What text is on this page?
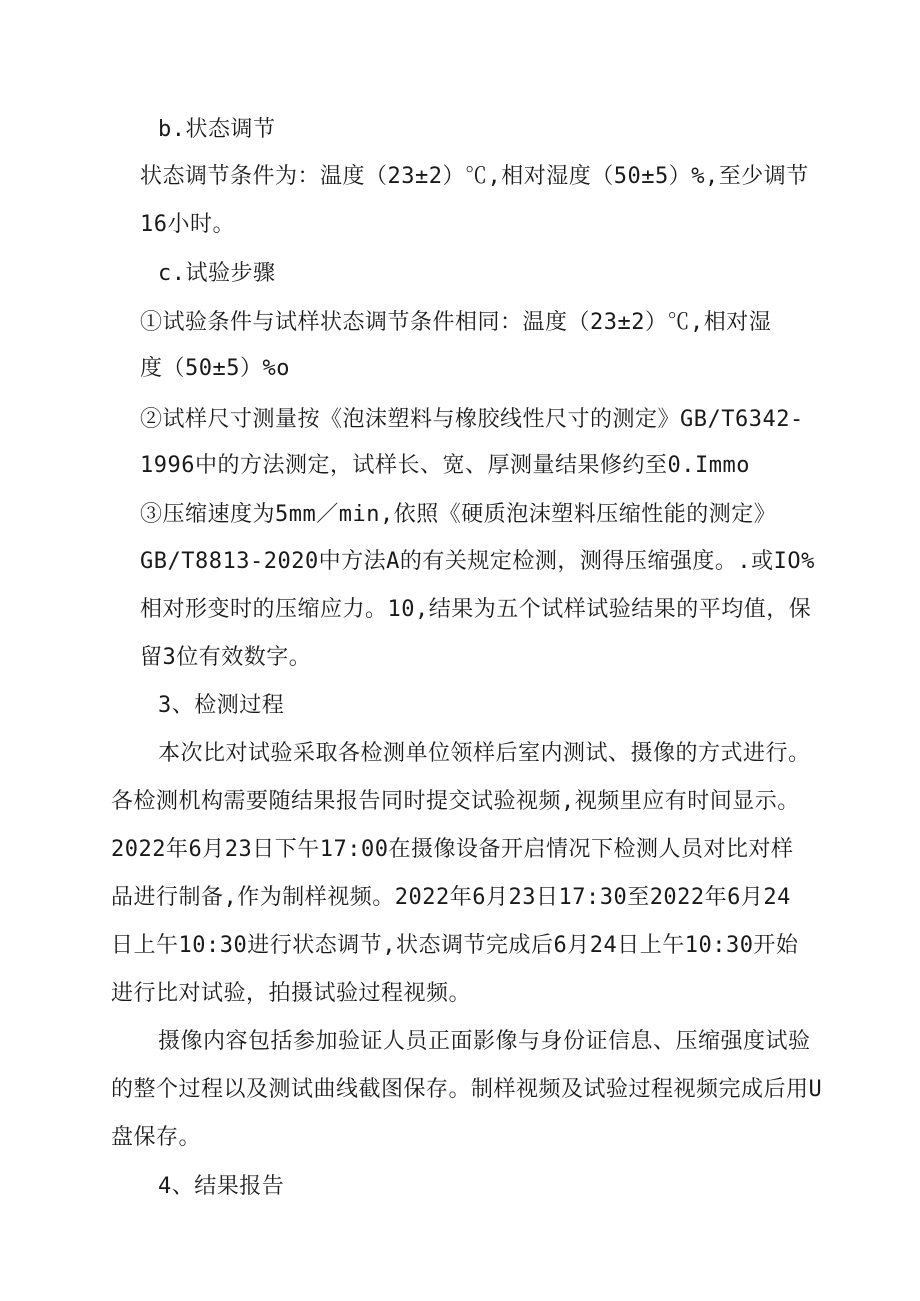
b.状态调节
状态调节条件为：温度（23±2）℃,相对湿度（50±5）%,至少调节
16小时。
c.试验步骤
①试验条件与试样状态调节条件相同：温度（23±2）℃,相对湿
度（50±5）%o
②试样尺寸测量按《泡沫塑料与橡胶线性尺寸的测定》GB/T6342-
1996中的方法测定，试样长、宽、厚测量结果修约至0.Immo
③压缩速度为5mm／min,依照《硬质泡沫塑料压缩性能的测定》
GB/T8813-2020中方法A的有关规定检测，测得压缩强度。.或IO%
相对形变时的压缩应力。10,结果为五个试样试验结果的平均值，保
留3位有效数字。
3、检测过程
本次比对试验采取各检测单位领样后室内测试、摄像的方式进行。
各检测机构需要随结果报告同时提交试验视频,视频里应有时间显示。
2022年6月23日下午17:00在摄像设备开启情况下检测人员对比对样
品进行制备,作为制样视频。2022年6月23日17:30至2022年6月24
日上午10:30进行状态调节,状态调节完成后6月24日上午10:30开始
进行比对试验，拍摄试验过程视频。
摄像内容包括参加验证人员正面影像与身份证信息、压缩强度试验
的整个过程以及测试曲线截图保存。制样视频及试验过程视频完成后用U
盘保存。
4、结果报告
